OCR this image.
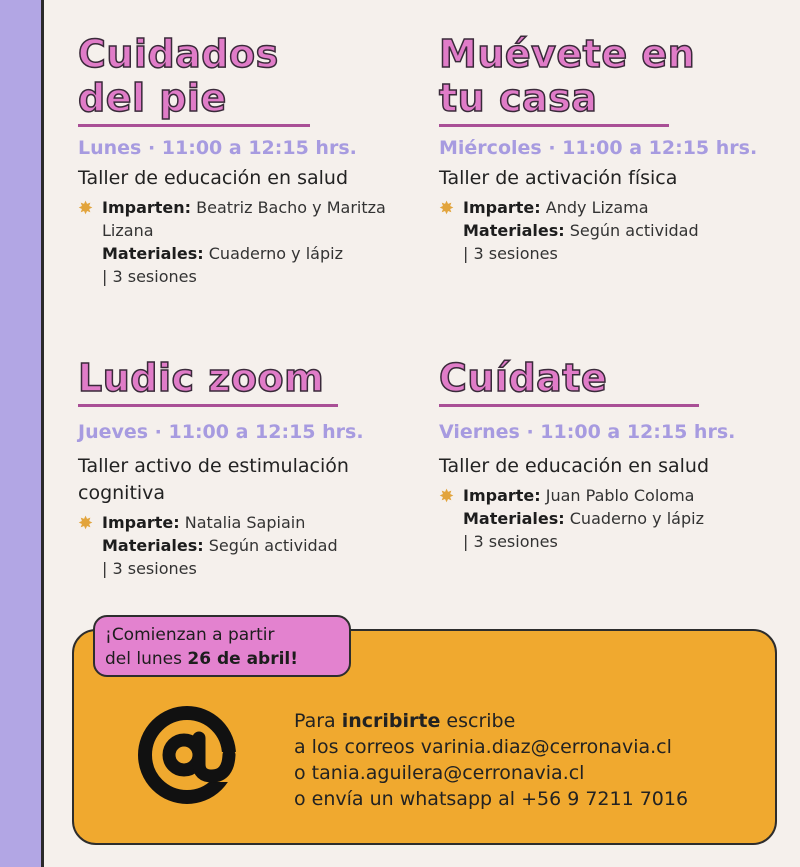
Cuidados
del pie
Lunes · 11:00 a 12:15 hrs.
Taller de educación en salud
✸ Imparten: Beatriz Bacho y Maritza Lizana
Materiales: Cuaderno y lápiz
| 3 sesiones
Muévete en
tu casa
Miércoles · 11:00 a 12:15 hrs.
Taller de activación física
✸ Imparte: Andy Lizama
Materiales: Según actividad
| 3 sesiones
Ludic zoom
Jueves · 11:00 a 12:15 hrs.
Taller activo de estimulación cognitiva
✸ Imparte: Natalia Sapiain
Materiales: Según actividad
| 3 sesiones
Cuídate
Viernes · 11:00 a 12:15 hrs.
Taller de educación en salud
✸ Imparte: Juan Pablo Coloma
Materiales: Cuaderno y lápiz
| 3 sesiones
¡Comienzan a partir
del lunes 26 de abril!
Para incribirte escribe
a los correos varinia.diaz@cerronavia.cl
o tania.aguilera@cerronavia.cl
o envía un whatsapp al +56 9 7211 7016
